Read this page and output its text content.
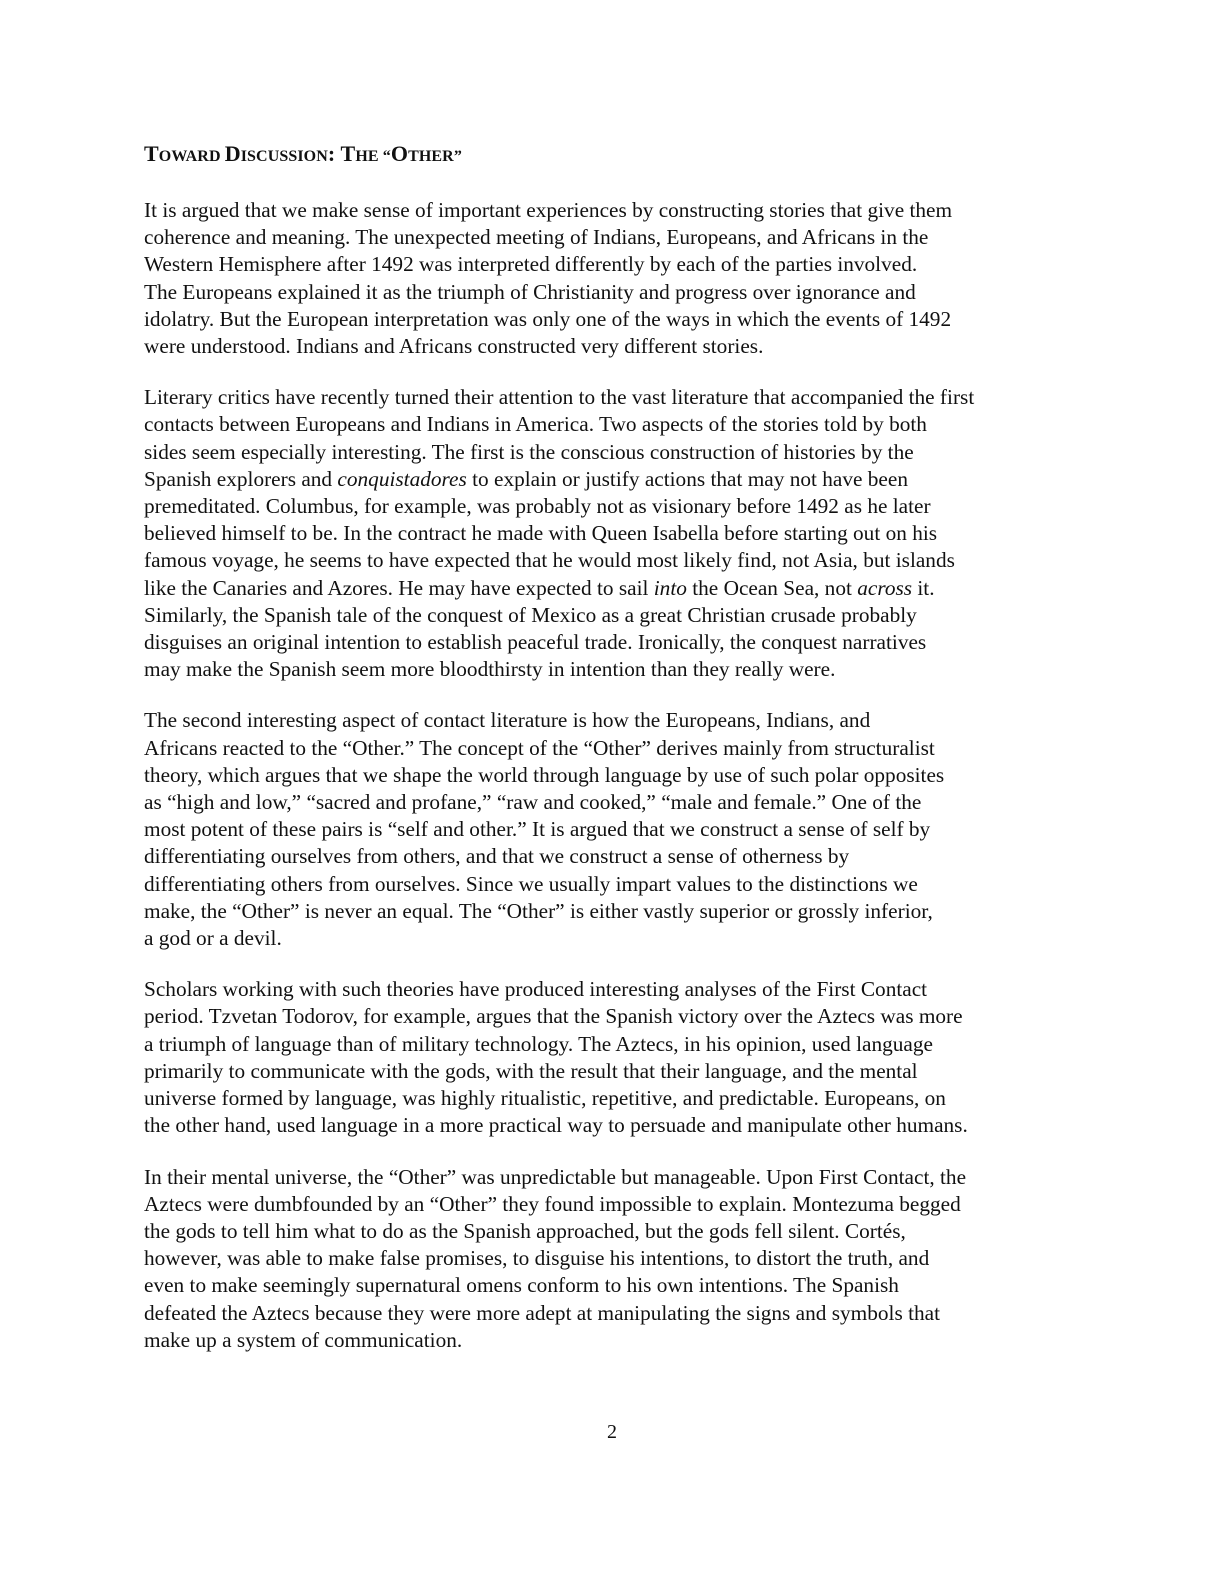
TOWARD DISCUSSION: THE “OTHER”

It is argued that we make sense of important experiences by constructing stories that give them
coherence and meaning. The unexpected meeting of Indians, Europeans, and Africans in the
Western Hemisphere after 1492 was interpreted differently by each of the parties involved.
The Europeans explained it as the triumph of Christianity and progress over ignorance and
idolatry. But the European interpretation was only one of the ways in which the events of 1492
were understood. Indians and Africans constructed very different stories.

Literary critics have recently turned their attention to the vast literature that accompanied the first
contacts between Europeans and Indians in America. Two aspects of the stories told by both
sides seem especially interesting. The first is the conscious construction of histories by the
Spanish explorers and conquistadores to explain or justify actions that may not have been
premeditated. Columbus, for example, was probably not as visionary before 1492 as he later
believed himself to be. In the contract he made with Queen Isabella before starting out on his
famous voyage, he seems to have expected that he would most likely find, not Asia, but islands
like the Canaries and Azores. He may have expected to sail into the Ocean Sea, not across it.
Similarly, the Spanish tale of the conquest of Mexico as a great Christian crusade probably
disguises an original intention to establish peaceful trade. Ironically, the conquest narratives
may make the Spanish seem more bloodthirsty in intention than they really were.

The second interesting aspect of contact literature is how the Europeans, Indians, and
Africans reacted to the “Other.” The concept of the “Other” derives mainly from structuralist
theory, which argues that we shape the world through language by use of such polar opposites
as “high and low,” “sacred and profane,” “raw and cooked,” “male and female.” One of the
most potent of these pairs is “self and other.” It is argued that we construct a sense of self by
differentiating ourselves from others, and that we construct a sense of otherness by
differentiating others from ourselves. Since we usually impart values to the distinctions we
make, the “Other” is never an equal. The “Other” is either vastly superior or grossly inferior,
a god or a devil.

Scholars working with such theories have produced interesting analyses of the First Contact
period. Tzvetan Todorov, for example, argues that the Spanish victory over the Aztecs was more
a triumph of language than of military technology. The Aztecs, in his opinion, used language
primarily to communicate with the gods, with the result that their language, and the mental
universe formed by language, was highly ritualistic, repetitive, and predictable. Europeans, on
the other hand, used language in a more practical way to persuade and manipulate other humans.

In their mental universe, the “Other” was unpredictable but manageable. Upon First Contact, the
Aztecs were dumbfounded by an “Other” they found impossible to explain. Montezuma begged
the gods to tell him what to do as the Spanish approached, but the gods fell silent. Cortés,
however, was able to make false promises, to disguise his intentions, to distort the truth, and
even to make seemingly supernatural omens conform to his own intentions. The Spanish
defeated the Aztecs because they were more adept at manipulating the signs and symbols that
make up a system of communication.

2
